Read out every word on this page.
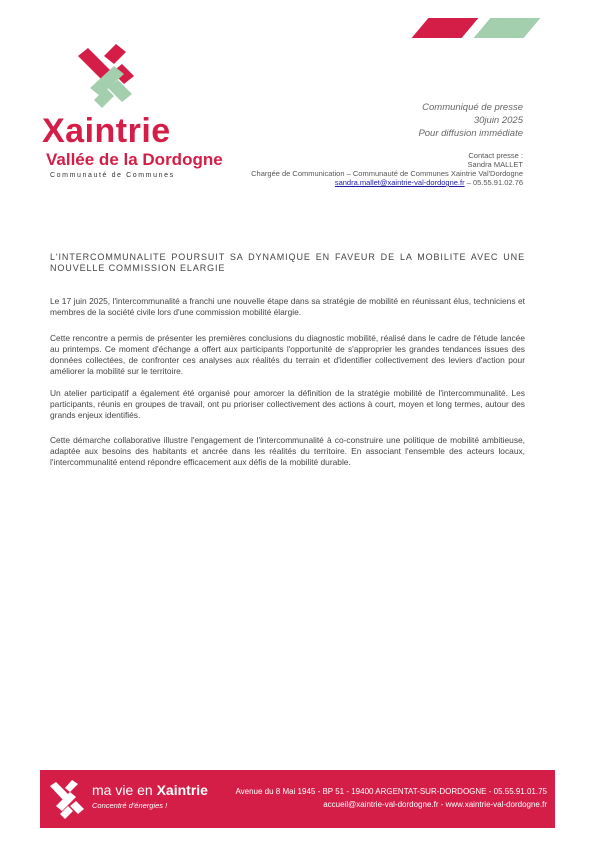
Xaintrie
Vallée de la Dordogne
Communauté de Communes
Communiqué de presse
30juin 2025
Pour diffusion immédiate
Contact presse :
Sandra MALLET
Chargée de Communication – Communauté de Communes Xaintrie Val'Dordogne
sandra.mallet@xaintrie-val-dordogne.fr – 05.55.91.02.76
L'INTERCOMMUNALITE POURSUIT SA DYNAMIQUE EN FAVEUR DE LA MOBILITE AVEC UNE NOUVELLE COMMISSION ELARGIE
Le 17 juin 2025, l'intercommunalité a franchi une nouvelle étape dans sa stratégie de mobilité en réunissant élus, techniciens et membres de la société civile lors d'une commission mobilité élargie.
Cette rencontre a permis de présenter les premières conclusions du diagnostic mobilité, réalisé dans le cadre de l'étude lancée au printemps. Ce moment d'échange a offert aux participants l'opportunité de s'approprier les grandes tendances issues des données collectées, de confronter ces analyses aux réalités du terrain et d'identifier collectivement des leviers d'action pour améliorer la mobilité sur le territoire.
Un atelier participatif a également été organisé pour amorcer la définition de la stratégie mobilité de l'intercommunalité. Les participants, réunis en groupes de travail, ont pu prioriser collectivement des actions à court, moyen et long termes, autour des grands enjeux identifiés.
Cette démarche collaborative illustre l'engagement de l'intercommunalité à co-construire une politique de mobilité ambitieuse, adaptée aux besoins des habitants et ancrée dans les réalités du territoire. En associant l'ensemble des acteurs locaux, l'intercommunalité entend répondre efficacement aux défis de la mobilité durable.
ma vie en Xaintrie
Concentré d'énergies !
Avenue du 8 Mai 1945 - BP 51 - 19400 ARGENTAT-SUR-DORDOGNE - 05.55.91.01.75
accueil@xaintrie-val-dordogne.fr - www.xaintrie-val-dordogne.fr
